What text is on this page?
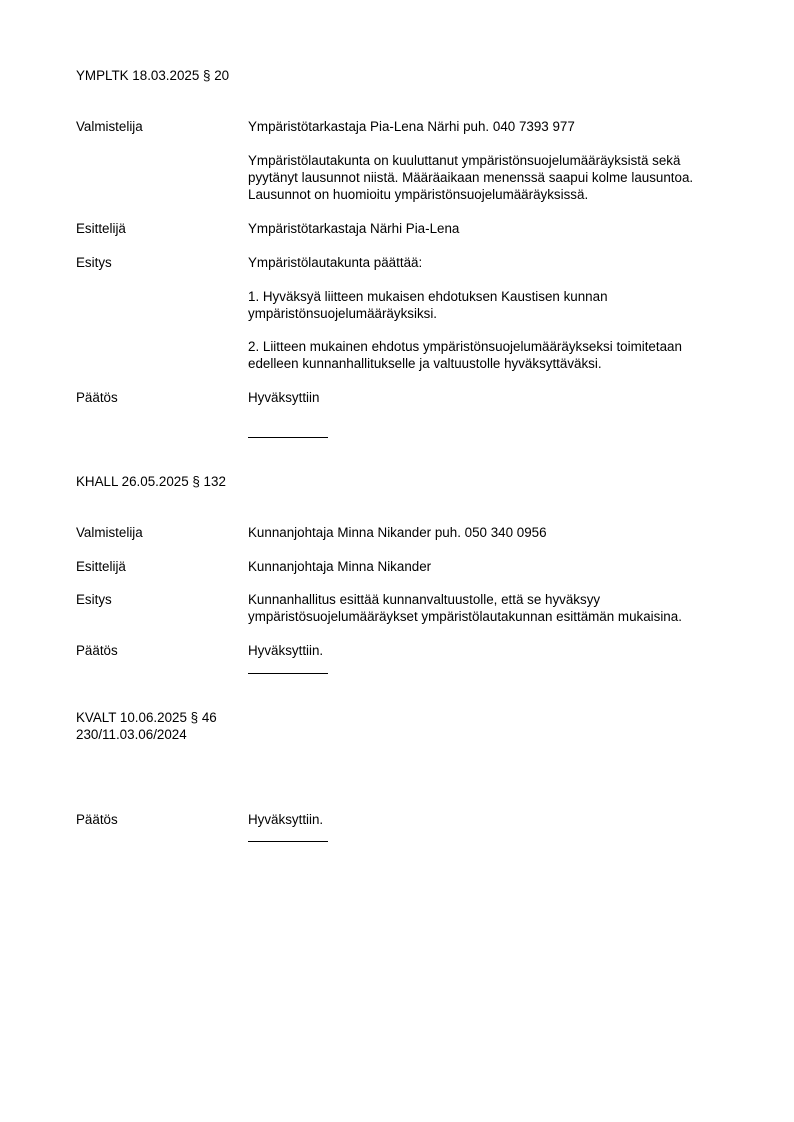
YMPLTK 18.03.2025 § 20
Valmistelija	Ympäristötarkastaja Pia-Lena Närhi puh. 040 7393 977
Ympäristölautakunta on kuuluttanut ympäristönsuojelumääräyksistä sekä
pyytänyt lausunnot niistä. Määräaikaan menenssä saapui kolme lausuntoa.
Lausunnot on huomioitu ympäristönsuojelumääräyksissä.
Esittelijä	Ympäristötarkastaja Närhi Pia-Lena
Esitys	Ympäristölautakunta päättää:
1. Hyväksyä liitteen mukaisen ehdotuksen Kaustisen kunnan
ympäristönsuojelumääräyksiksi.
2. Liitteen mukainen ehdotus ympäristönsuojelumääräykseksi toimitetaan
edelleen kunnanhallitukselle ja valtuustolle hyväksyttäväksi.
Päätös	Hyväksyttiin
KHALL 26.05.2025 § 132
Valmistelija	Kunnanjohtaja Minna Nikander puh. 050 340 0956
Esittelijä	Kunnanjohtaja Minna Nikander
Esitys	Kunnanhallitus esittää kunnanvaltuustolle, että se hyväksyy
ympäristösuojelumääräykset ympäristölautakunnan esittämän mukaisina.
Päätös	Hyväksyttiin.
KVALT 10.06.2025 § 46
230/11.03.06/2024
Päätös	Hyväksyttiin.
